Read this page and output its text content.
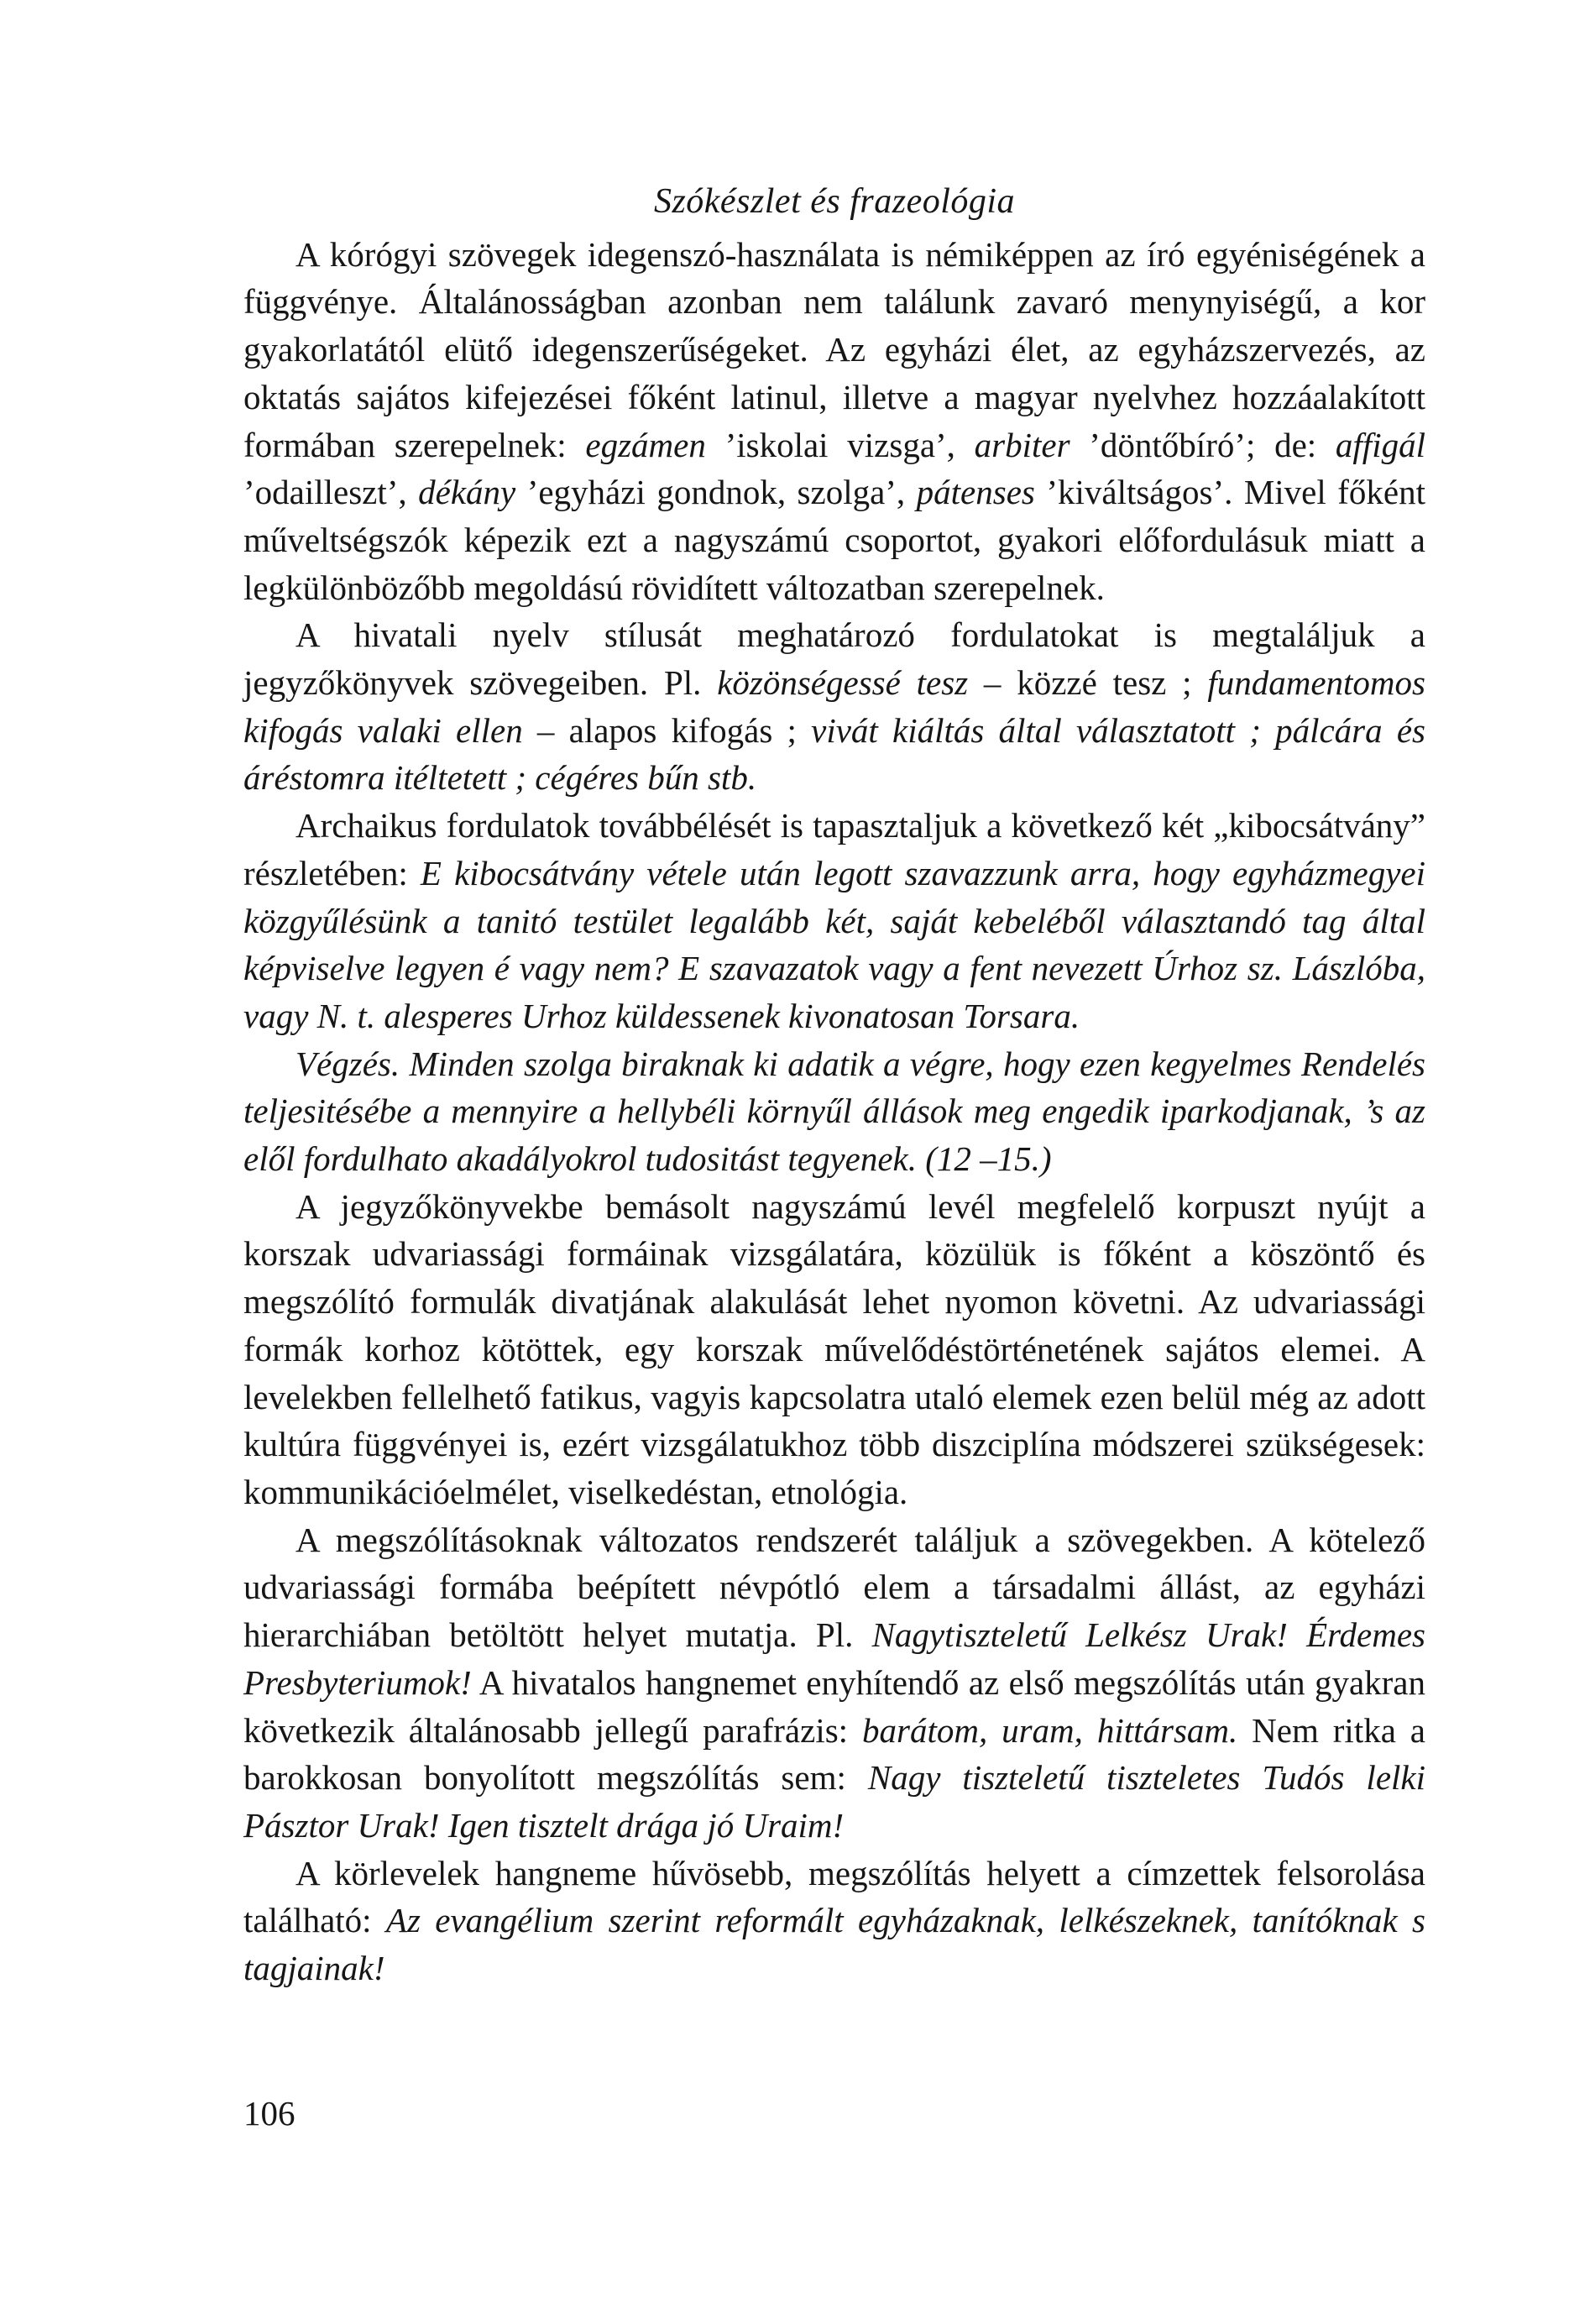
Szókészlet és frazeológia

A kórógyi szövegek idegenszó-használata is némiképpen az író egyéniségének a függvénye. Általánosságban azonban nem találunk zavaró menynyiségű, a kor gyakorlatától elütő idegenszerűségeket. Az egyházi élet, az egyházszervezés, az oktatás sajátos kifejezései főként latinul, illetve a magyar nyelvhez hozzáalakított formában szerepelnek: egzámen ’iskolai vizsga’, arbiter ’döntőbíró’; de: affigál ’odailleszt’, dékány ’egyházi gondnok, szolga’, pátenses ’kiváltságos’. Mivel főként műveltségszók képezik ezt a nagyszámú csoportot, gyakori előfordulásuk miatt a legkülönbözőbb megoldású rövidített változatban szerepelnek.

A hivatali nyelv stílusát meghatározó fordulatokat is megtaláljuk a jegyzőkönyvek szövegeiben. Pl. közönségessé tesz – közzé tesz ; fundamentomos kifogás valaki ellen – alapos kifogás ; vivát kiáltás által választatott ; pálcára és áréstomra itéltetett ; cégéres bűn stb.

Archaikus fordulatok továbbélését is tapasztaljuk a következő két „kibocsátvány” részletében: E kibocsátvány vétele után legott szavazzunk arra, hogy egyházmegyei közgyűlésünk a tanitó testület legalább két, saját kebeléből választandó tag által képviselve legyen é vagy nem? E szavazatok vagy a fent nevezett Úrhoz sz. Lászlóba, vagy N. t. alesperes Urhoz küldessenek kivonatosan Torsara.

Végzés. Minden szolga biraknak ki adatik a végre, hogy ezen kegyelmes Rendelés teljesitésébe a mennyire a hellybéli környűl állások meg engedik iparkodjanak, ’s az elől fordulhato akadályokrol tudositást tegyenek. (12 –15.)

A jegyzőkönyvekbe bemásolt nagyszámú levél megfelelő korpuszt nyújt a korszak udvariassági formáinak vizsgálatára, közülük is főként a köszöntő és megszólító formulák divatjának alakulását lehet nyomon követni. Az udvariassági formák korhoz kötöttek, egy korszak művelődéstörténetének sajátos elemei. A levelekben fellelhető fatikus, vagyis kapcsolatra utaló elemek ezen belül még az adott kultúra függvényei is, ezért vizsgálatukhoz több diszciplína módszerei szükségesek: kommunikációelmélet, viselkedéstan, etnológia.

A megszólításoknak változatos rendszerét találjuk a szövegekben. A kötelező udvariassági formába beépített névpótló elem a társadalmi állást, az egyházi hierarchiában betöltött helyet mutatja. Pl. Nagytiszteletű Lelkész Urak! Érdemes Presbyteriumok! A hivatalos hangnemet enyhítendő az első megszólítás után gyakran következik általánosabb jellegű parafrázis: barátom, uram, hittársam. Nem ritka a barokkosan bonyolított megszólítás sem: Nagy tiszteletű tiszteletes Tudós lelki Pásztor Urak! Igen tisztelt drága jó Uraim!

A körlevelek hangneme hűvösebb, megszólítás helyett a címzettek felsorolása található: Az evangélium szerint reformált egyházaknak, lelkészeknek, tanítóknak s tagjainak!

106
